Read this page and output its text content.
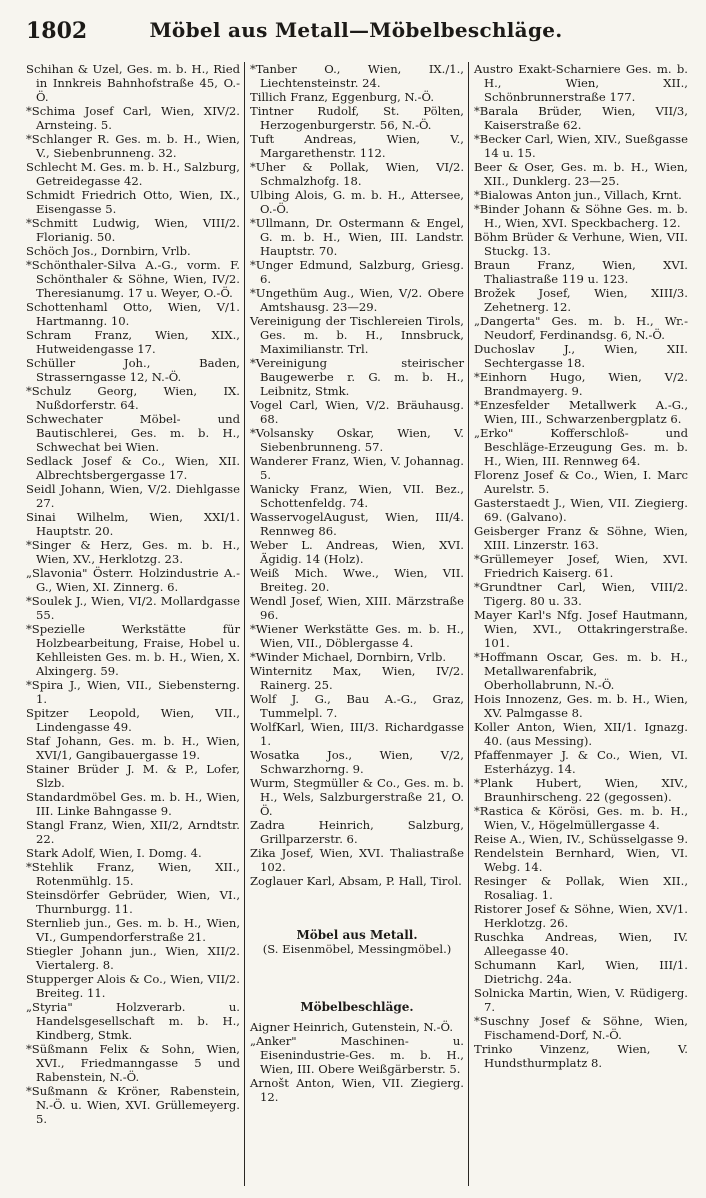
Möbel aus Metall—Möbelbeschläge.
1802

Schihan & Uzel, Ges. m. b. H., Ried in Innkreis Bahnhofstraße 45, O.-Ö.

*Schima Josef Carl, Wien, XIV/2. Arnsteing. 5.

*Schlanger R. Ges. m. b. H., Wien, V., Siebenbrunneng. 32.

Schlecht M. Ges. m. b. H., Salzburg, Getreidegasse 42.

Schmidt Friedrich Otto, Wien, IX., Eisengasse 5.

*Schmitt Ludwig, Wien, VIII/2. Florianig. 50.

Schöch Jos., Dornbirn, Vrlb.

*Schönthaler-Silva A.-G., vorm. F. Schönthaler & Söhne, Wien, IV/2. Theresianumg. 17 u. Weyer, O.-Ö.

Schottenhaml Otto, Wien, V/1. Hartmanng. 10.

Schram Franz, Wien, XIX., Hutweidengasse 17.

Schüller Joh., Baden, Strasserngasse 12, N.-Ö.

*Schulz Georg, Wien, IX. Nußdorferstr. 64.

Schwechater Möbel- und Bautischlerei, Ges. m. b. H., Schwechat bei Wien.

Sedlack Josef & Co., Wien, XII. Albrechtsbergergasse 17.

Seidl Johann, Wien, V/2. Diehlgasse 27.

Sinai Wilhelm, Wien, XXI/1. Hauptstr. 20.

*Singer & Herz, Ges. m. b. H., Wien, XV., Herklotzg. 23.

„Slavonia" Österr. Holzindustrie A.-G., Wien, XI. Zinnerg. 6.

*Soulek J., Wien, VI/2. Mollardgasse 55.

*Spezielle Werkstätte für Holzbearbeitung, Fraise, Hobel u. Kehlleisten Ges. m. b. H., Wien, X. Alxingerg. 59.

*Spira J., Wien, VII., Siebensterng. 1.

Spitzer Leopold, Wien, VII., Lindengasse 49.

Staf Johann, Ges. m. b. H., Wien, XVI/1, Gangibauergasse 19.

Stainer Brüder J. M. & P., Lofer, Slzb.

Standardmöbel Ges. m. b. H., Wien, III. Linke Bahngasse 9.

Stangl Franz, Wien, XII/2, Arndtstr. 22.

Stark Adolf, Wien, I. Domg. 4.

*Stehlik Franz, Wien, XII., Rotenmühlg. 15.

Steinsdörfer Gebrüder, Wien, VI., Thurnburgg. 11.

Sternlieb jun., Ges. m. b. H., Wien, VI., Gumpendorferstraße 21.

Stiegler Johann jun., Wien, XII/2. Viertalerg. 8.

Stupperger Alois & Co., Wien, VII/2. Breiteg. 11.

„Styria" Holzverarb. u. Handelsgesellschaft m. b. H., Kindberg, Stmk.

*Süßmann Felix & Sohn, Wien, XVI., Friedmanngasse 5 und Rabenstein, N.-Ö.

*Sußmann & Kröner, Rabenstein, N.-Ö. u. Wien, XVI. Grüllemeyerg. 5.

*Tanber O., Wien, IX./1., Liechtensteinstr. 24.

Tillich Franz, Eggenburg, N.-Ö.

Tintner Rudolf, St. Pölten, Herzogenburgerstr. 56, N.-Ö.

Tuft Andreas, Wien, V., Margarethenstr. 112.

*Uher & Pollak, Wien, VI/2. Schmalzhofg. 18.

Ulbing Alois, G. m. b. H., Attersee, O.-Ö.

*Ullmann, Dr. Ostermann & Engel, G. m. b. H., Wien, III. Landstr. Hauptstr. 70.

*Unger Edmund, Salzburg, Griesg. 6.

*Ungethüm Aug., Wien, V/2. Obere Amtshausg. 23—29.

Vereinigung der Tischlereien Tirols, Ges. m. b. H., Innsbruck, Maximilianstr. Trl.

*Vereinigung steirischer Baugewerbe r. G. m. b. H., Leibnitz, Stmk.

Vogel Carl, Wien, V/2. Bräuhausg. 68.

*Volsansky Oskar, Wien, V. Siebenbrunneng. 57.

Wanderer Franz, Wien, V. Johannag. 5.

Wanicky Franz, Wien, VII. Bez., Schottenfeldg. 74.

WasservogelAugust, Wien, III/4. Rennweg 86.

Weber L. Andreas, Wien, XVI. Ägidig. 14 (Holz).

Weiß Mich. Wwe., Wien, VII. Breiteg. 20.

Wendl Josef, Wien, XIII. Märzstraße 96.

*Wiener Werkstätte Ges. m. b. H., Wien, VII., Döblergasse 4.

*Winder Michael, Dornbirn, Vrlb.

Winternitz Max, Wien, IV/2. Rainerg. 25.

Wolf J. G., Bau A.-G., Graz, Tummelpl. 7.

WolfKarl, Wien, III/3. Richardgasse 1.

Wosatka Jos., Wien, V/2, Schwarzhorng. 9.

Wurm, Stegmüller & Co., Ges. m. b. H., Wels, Salzburgerstraße 21, O. Ö.

Zadra Heinrich, Salzburg, Grillparzerstr. 6.

Zika Josef, Wien, XVI. Thaliastraße 102.

Zoglauer Karl, Absam, P. Hall, Tirol.

Möbel aus Metall.
(S. Eisenmöbel, Messingmöbel.)
Möbelbeschläge.

Aigner Heinrich, Gutenstein, N.-Ö.

„Anker" Maschinen- u. Eisenindustrie-Ges. m. b. H., Wien, III. Obere Weißgärberstr. 5.

Arnošt Anton, Wien, VII. Ziegierg. 12.

Austro Exakt-Scharniere Ges. m. b. H., Wien, XII., Schönbrunnerstraße 177.

*Barala Brüder, Wien, VII/3, Kaiserstraße 62.

*Becker Carl, Wien, XIV., Sueßgasse 14 u. 15.

Beer & Oser, Ges. m. b. H., Wien, XII., Dunklerg. 23—25.

*Bialowas Anton jun., Villach, Krnt.

*Binder Johann & Söhne Ges. m. b. H., Wien, XVI. Speckbacherg. 12.

Böhm Brüder & Verhune, Wien, VII. Stuckg. 13.

Braun Franz, Wien, XVI. Thaliastraße 119 u. 123.

Brožek Josef, Wien, XIII/3. Zehetnerg. 12.

„Dangerta" Ges. m. b. H., Wr.-Neudorf, Ferdinandsg. 6, N.-Ö.

Duchoslav J., Wien, XII. Sechtergasse 18.

*Einhorn Hugo, Wien, V/2. Brandmayerg. 9.

*Enzesfelder Metallwerk A.-G., Wien, III., Schwarzenbergplatz 6.

„Erko" Kofferschloß- und Beschläge-Erzeugung Ges. m. b. H., Wien, III. Rennweg 64.

Florenz Josef & Co., Wien, I. Marc Aurelstr. 5.

Gasterstaedt J., Wien, VII. Ziegierg. 69. (Galvano).

Geisberger Franz & Söhne, Wien, XIII. Linzerstr. 163.

*Grüllemeyer Josef, Wien, XVI. Friedrich Kaiserg. 61.

*Grundtner Carl, Wien, VIII/2. Tigerg. 80 u. 33.

Mayer Karl's Nfg. Josef Hautmann, Wien, XVI., Ottakringerstraße. 101.

*Hoffmann Oscar, Ges. m. b. H., Metallwarenfabrik, Oberhollabrunn, N.-Ö.

Hois Innozenz, Ges. m. b. H., Wien, XV. Palmgasse 8.

Koller Anton, Wien, XII/1. Ignazg. 40. (aus Messing).

Pfaffenmayer J. & Co., Wien, VI. Esterházyg. 14.

*Plank Hubert, Wien, XIV., Braunhirscheng. 22 (gegossen).

*Rastica & Körösi, Ges. m. b. H., Wien, V., Högelmüllergasse 4.

Reise A., Wien, IV., Schüsselgasse 9.

Rendelstein Bernhard, Wien, VI. Webg. 14.

Resinger & Pollak, Wien XII., Rosaliag. 1.

Ristorer Josef & Söhne, Wien, XV/1. Herklotzg. 26.

Ruschka Andreas, Wien, IV. Alleegasse 40.

Schumann Karl, Wien, III/1. Dietrichg. 24a.

Solnicka Martin, Wien, V. Rüdigerg. 7.

*Suschny Josef & Söhne, Wien, Fischamend-Dorf, N.-Ö.

Trinko Vinzenz, Wien, V. Hundsthurmplatz 8.
